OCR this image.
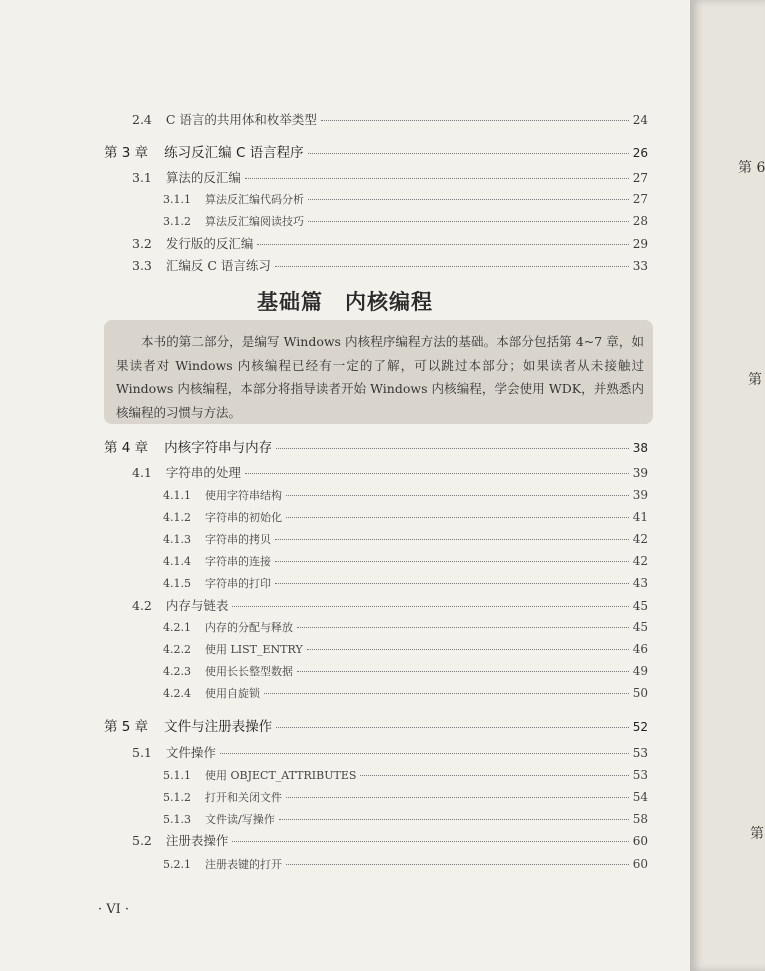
2.4 C 语言的共用体和枚举类型	24
第 3 章 练习反汇编 C 语言程序	26
3.1 算法的反汇编	27
3.1.1 算法反汇编代码分析	27
3.1.2 算法反汇编阅读技巧	28
3.2 发行版的反汇编	29
3.3 汇编反 C 语言练习	33
基础篇 内核编程
本书的第二部分，是编写 Windows 内核程序编程方法的基础。本部分包括第 4~7 章，如果读者对 Windows 内核编程已经有一定的了解，可以跳过本部分；如果读者从未接触过 Windows 内核编程，本部分将指导读者开始 Windows 内核编程，学会使用 WDK，并熟悉内核编程的习惯与方法。
第 4 章 内核字符串与内存	38
4.1 字符串的处理	39
4.1.1 使用字符串结构	39
4.1.2 字符串的初始化	41
4.1.3 字符串的拷贝	42
4.1.4 字符串的连接	42
4.1.5 字符串的打印	43
4.2 内存与链表	45
4.2.1 内存的分配与释放	45
4.2.2 使用 LIST_ENTRY	46
4.2.3 使用长长整型数据	49
4.2.4 使用自旋锁	50
第 5 章 文件与注册表操作	52
5.1 文件操作	53
5.1.1 使用 OBJECT_ATTRIBUTES	53
5.1.2 打开和关闭文件	54
5.1.3 文件读/写操作	58
5.2 注册表操作	60
5.2.1 注册表键的打开	60
· VI ·
第 6
第
第
